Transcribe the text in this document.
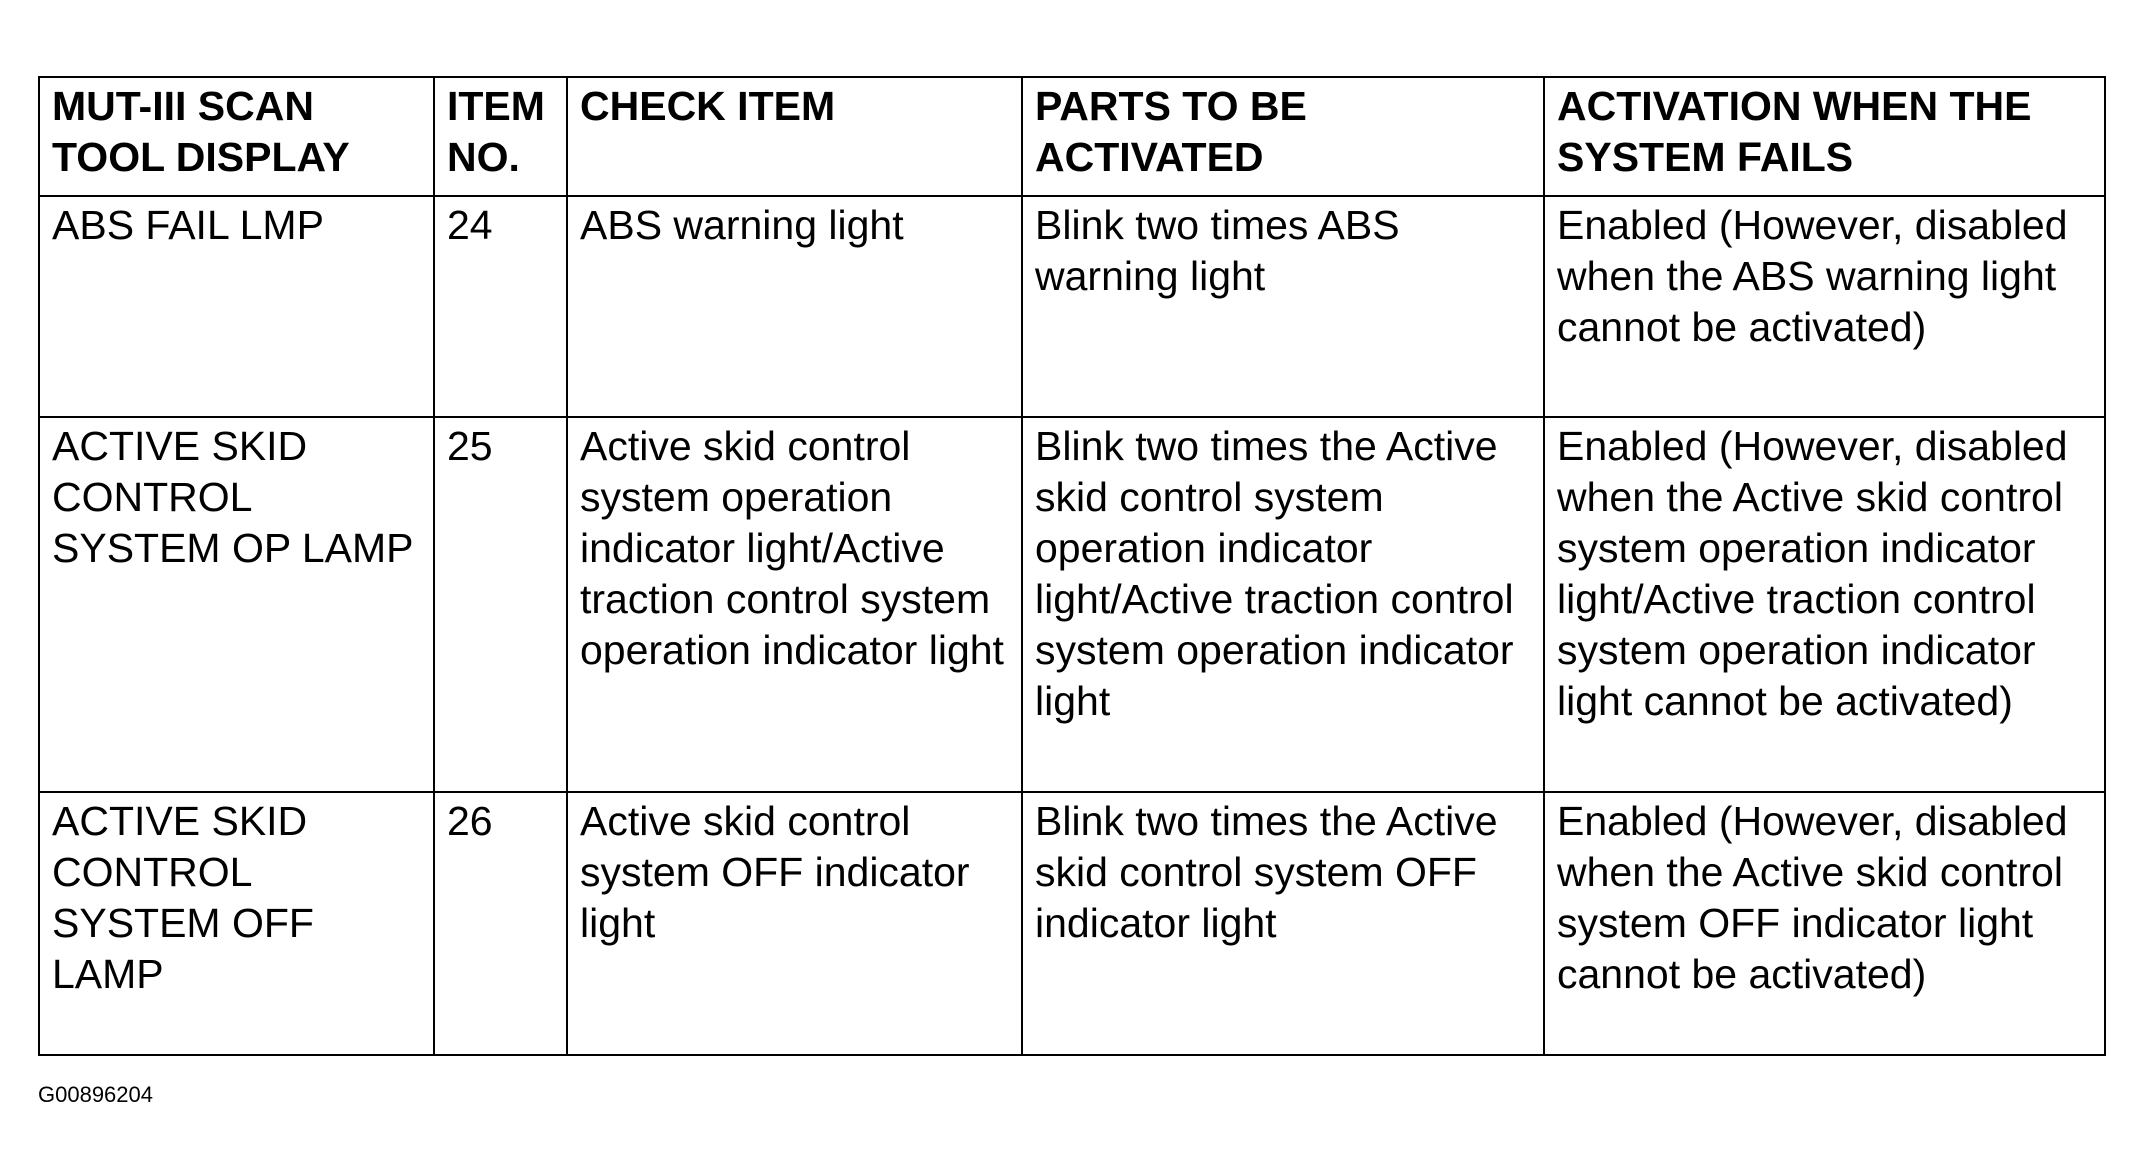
MUT-III SCAN TOOL DISPLAY	ITEM NO.	CHECK ITEM	PARTS TO BE ACTIVATED	ACTIVATION WHEN THE SYSTEM FAILS

ABS FAIL LMP	24	ABS warning light	Blink two times ABS warning light	Enabled (However, disabled when the ABS warning light cannot be activated)

ACTIVE SKID CONTROL SYSTEM OP LAMP	25	Active skid control system operation indicator light/Active traction control system operation indicator light	Blink two times the Active skid control system operation indicator light/Active traction control system operation indicator light	Enabled (However, disabled when the Active skid control system operation indicator light/Active traction control system operation indicator light cannot be activated)

ACTIVE SKID CONTROL SYSTEM OFF LAMP	26	Active skid control system OFF indicator light	Blink two times the Active skid control system OFF indicator light	Enabled (However, disabled when the Active skid control system OFF indicator light cannot be activated)
G00896204
